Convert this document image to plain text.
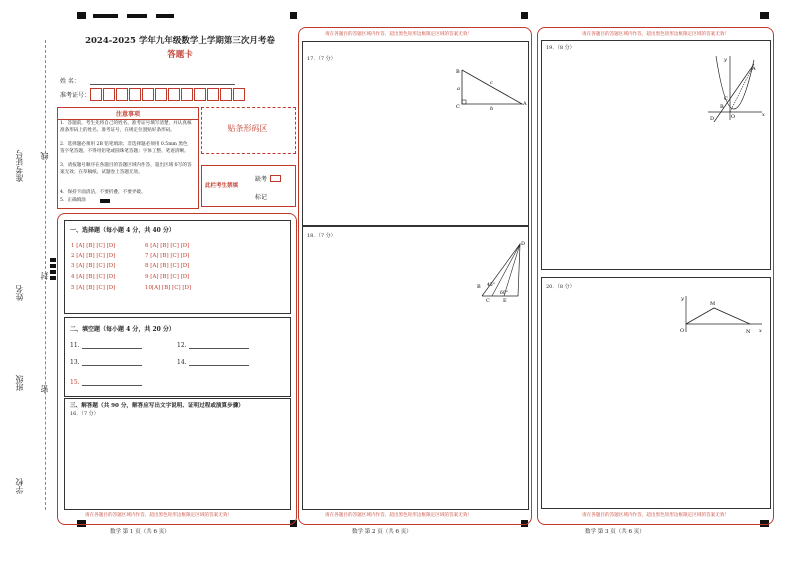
准考证号 线
姓名
封
班级 密
学校
2024-2025 学年九年级数学上学期第三次月考卷
答题卡
姓 名：
准考证号：
注意事项
1．答题前，考生先将自己的姓名、准考证号填写清楚，并认真核准条形码上的姓名、准考证号，在规定位置贴好条形码。
2．选择题必须用 2B 铅笔填涂；非选择题必须用 0.5mm 黑色签字笔答题，不得用铅笔或圆珠笔答题；字体工整、笔迹清晰。
3．请按题号顺序在各题目的答题区域内作答，超出区域书写的答案无效；在草稿纸、试题卷上答题无效。
4．保持卡面清洁，不要折叠、不要弄破。
5．正确填涂
贴条形码区
此栏考生禁填
缺考
标记
一、选择题（每小题 4 分，共 40 分）
1 [A] [B] [C] [D]
2 [A] [B] [C] [D]
3 [A] [B] [C] [D]
4 [A] [B] [C] [D]
5 [A] [B] [C] [D]
6 [A] [B] [C] [D]
7 [A] [B] [C] [D]
8 [A] [B] [C] [D]
9 [A] [B] [C] [D]
10[A] [B] [C] [D]
二、填空题（每小题 4 分，共 20 分）
11.	12.
13.	14.
15.
三、解答题（共 90 分，解答应写出文字说明、证明过程或演算步骤）
16．（7 分）
请在各题目的答题区域内作答，超出黑色矩形边框限定区域的答案无效！
请在各题目的答题区域内作答，超出黑色矩形边框限定区域的答案无效！
17．（7 分）
B
c
a
C	b
A
18．（7 分）
D
45°
60°
B
C	E
请在各题目的答题区域内作答，超出黑色矩形边框限定区域的答案无效！
请在各题目的答题区域内作答，超出黑色矩形边框限定区域的答案无效！
19．（8 分）
y
A
C
B
D	O	x
20．（8 分）
y
M
O	N x
请在各题目的答题区域内作答，超出黑色矩形边框限定区域的答案无效！
数学 第 1 页（共 6 页）	数学 第 2 页（共 6 页）	数学 第 3 页（共 6 页）
